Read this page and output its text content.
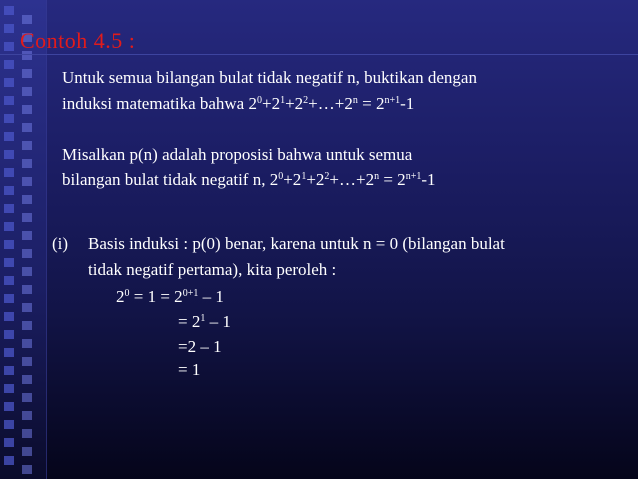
Contoh 4.5 :

Untuk semua bilangan bulat tidak negatif n, buktikan dengan

induksi matematika bahwa $2^0+2^1+2^2+\dots+2^n = 2^{n+1}-1$

Misalkan p(n) adalah proposisi bahwa untuk semua

bilangan bulat tidak negatif n, $2^0+2^1+2^2+\dots+2^n = 2^{n+1}-1$

(i) Basis induksi : p(0) benar, karena untuk n = 0 (bilangan bulat

tidak negatif pertama), kita peroleh :

$2^0 = 1 = 2^{0+1} - 1$

= $2^1 - 1$

=2 – 1

= 1
